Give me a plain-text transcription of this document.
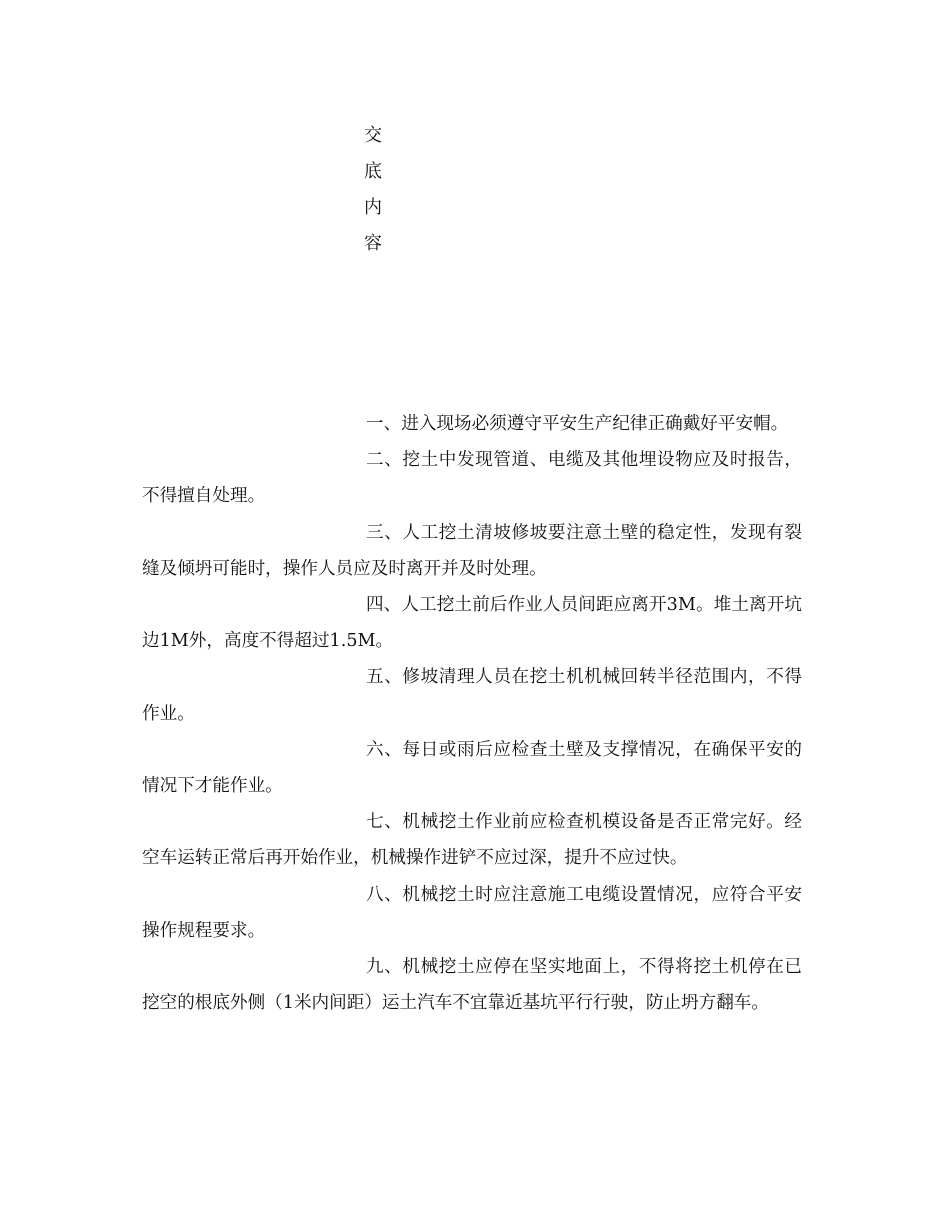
交
底
内
容

一、进入现场必须遵守平安生产纪律正确戴好平安帽。

二、挖土中发现管道、电缆及其他埋设物应及时报告，不得擅自处理。

三、人工挖土清坡修坡要注意土壁的稳定性，发现有裂缝及倾坍可能时，操作人员应及时离开并及时处理。

四、人工挖土前后作业人员间距应离开3M。堆土离开坑边1M外，高度不得超过1.5M。

五、修坡清理人员在挖土机机械回转半径范围内，不得作业。

六、每日或雨后应检查土壁及支撑情况，在确保平安的情况下才能作业。

七、机械挖土作业前应检查机模设备是否正常完好。经空车运转正常后再开始作业，机械操作进铲不应过深，提升不应过快。

八、机械挖土时应注意施工电缆设置情况，应符合平安操作规程要求。

九、机械挖土应停在坚实地面上，不得将挖土机停在已挖空的根底外侧（1米内间距）运土汽车不宜靠近基坑平行行驶，防止坍方翻车。
